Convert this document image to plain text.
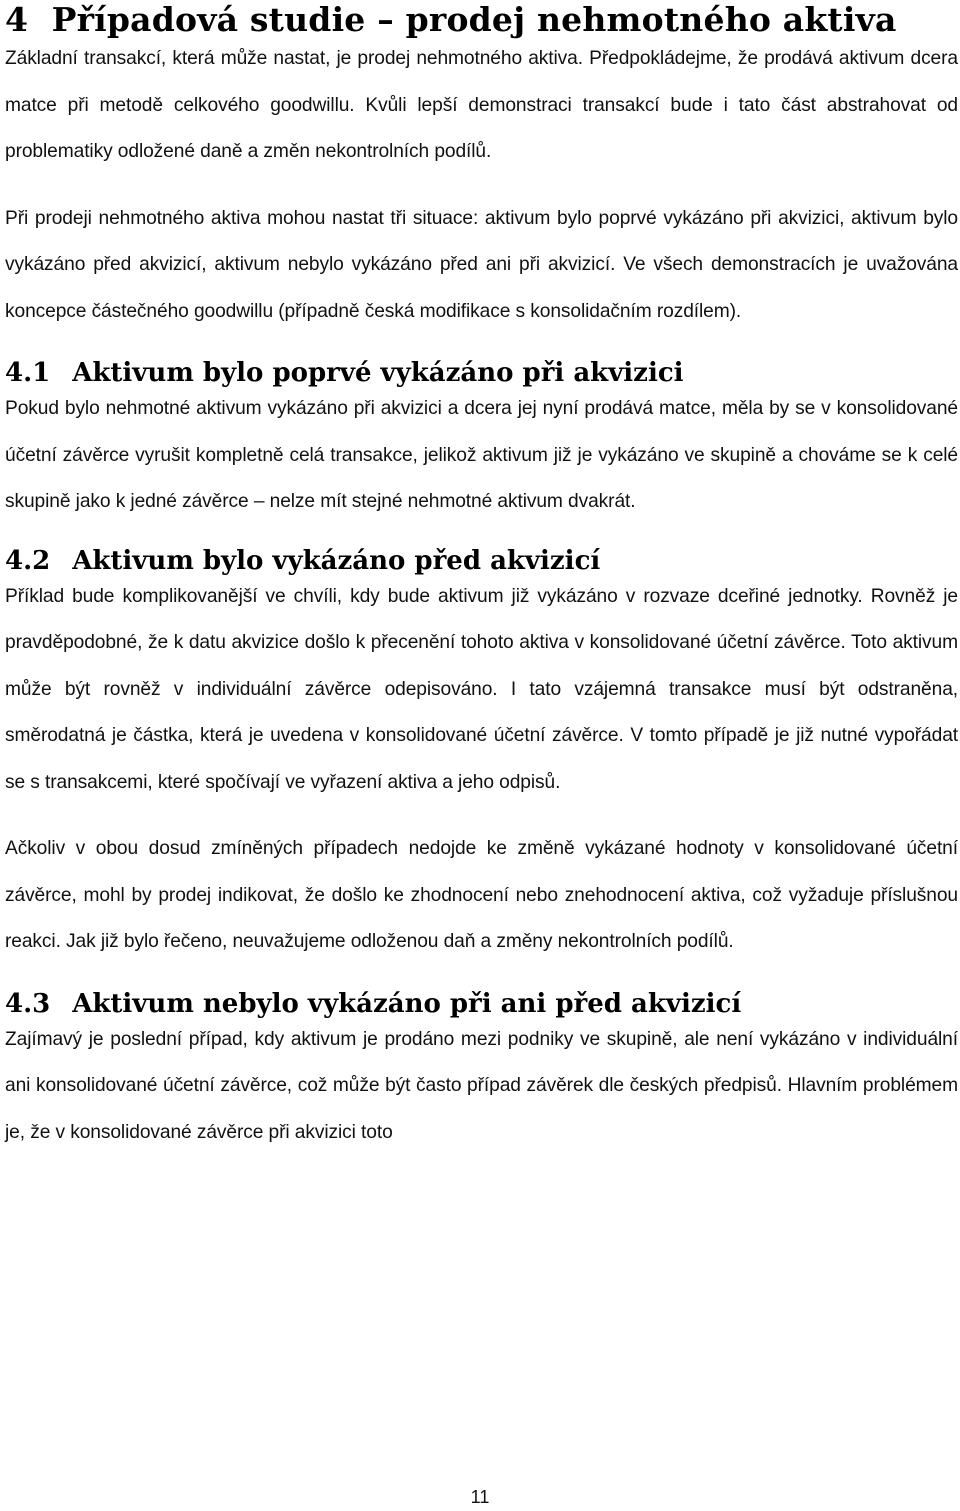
4 Případová studie – prodej nehmotného aktiva

Základní transakcí, která může nastat, je prodej nehmotného aktiva. Předpokládejme, že prodává aktivum dcera matce při metodě celkového goodwillu. Kvůli lepší demonstraci transakcí bude i tato část abstrahovat od problematiky odložené daně a změn nekontrolních podílů.

Při prodeji nehmotného aktiva mohou nastat tři situace: aktivum bylo poprvé vykázáno při akvizici, aktivum bylo vykázáno před akvizicí, aktivum nebylo vykázáno před ani při akvizicí. Ve všech demonstracích je uvažována koncepce částečného goodwillu (případně česká modifikace s konsolidačním rozdílem).

4.1 Aktivum bylo poprvé vykázáno při akvizici

Pokud bylo nehmotné aktivum vykázáno při akvizici a dcera jej nyní prodává matce, měla by se v konsolidované účetní závěrce vyrušit kompletně celá transakce, jelikož aktivum již je vykázáno ve skupině a chováme se k celé skupině jako k jedné závěrce – nelze mít stejné nehmotné aktivum dvakrát.

4.2 Aktivum bylo vykázáno před akvizicí

Příklad bude komplikovanější ve chvíli, kdy bude aktivum již vykázáno v rozvaze dceřiné jednotky. Rovněž je pravděpodobné, že k datu akvizice došlo k přecenění tohoto aktiva v konsolidované účetní závěrce. Toto aktivum může být rovněž v individuální závěrce odepisováno. I tato vzájemná transakce musí být odstraněna, směrodatná je částka, která je uvedena v konsolidované účetní závěrce. V tomto případě je již nutné vypořádat se s transakcemi, které spočívají ve vyřazení aktiva a jeho odpisů.

Ačkoliv v obou dosud zmíněných případech nedojde ke změně vykázané hodnoty v konsolidované účetní závěrce, mohl by prodej indikovat, že došlo ke zhodnocení nebo znehodnocení aktiva, což vyžaduje příslušnou reakci. Jak již bylo řečeno, neuvažujeme odloženou daň a změny nekontrolních podílů.

4.3 Aktivum nebylo vykázáno při ani před akvizicí

Zajímavý je poslední případ, kdy aktivum je prodáno mezi podniky ve skupině, ale není vykázáno v individuální ani konsolidované účetní závěrce, což může být často případ závěrek dle českých předpisů. Hlavním problémem je, že v konsolidované závěrce při akvizici toto

11
